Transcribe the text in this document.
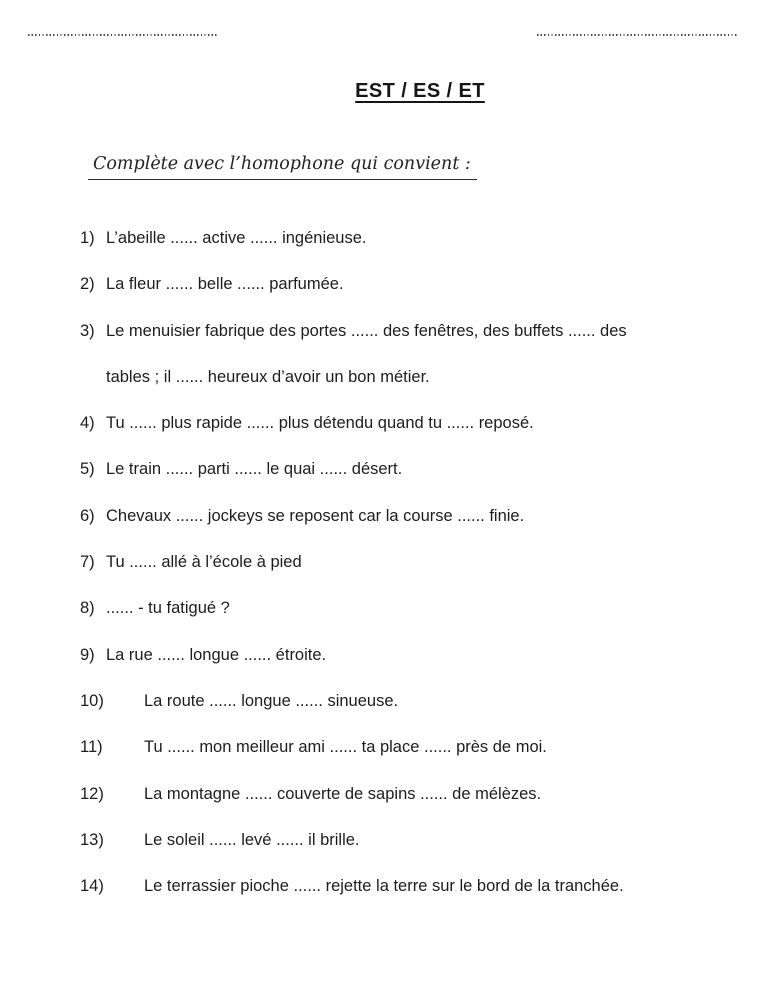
EST / ES / ET
Complète avec l’homophone qui convient :
1) L’abeille ...... active ...... ingénieuse.
2) La fleur ...... belle ...... parfumée.
3) Le menuisier fabrique des portes ...... des fenêtres, des buffets ...... des
tables ; il ...... heureux d’avoir un bon métier.
4) Tu ...... plus rapide ...... plus détendu quand tu ...... reposé.
5) Le train ...... parti ...... le quai ...... désert.
6) Chevaux ...... jockeys se reposent car la course ...... finie.
7) Tu ...... allé à l’école à pied
8) ...... - tu fatigué ?
9) La rue ...... longue ...... étroite.
10)	La route ...... longue ...... sinueuse.
11)	Tu ...... mon meilleur ami ...... ta place ...... près de moi.
12)	La montagne ...... couverte de sapins ...... de mélèzes.
13)	Le soleil ...... levé ...... il brille.
14)	Le terrassier pioche ...... rejette la terre sur le bord de la tranchée.
